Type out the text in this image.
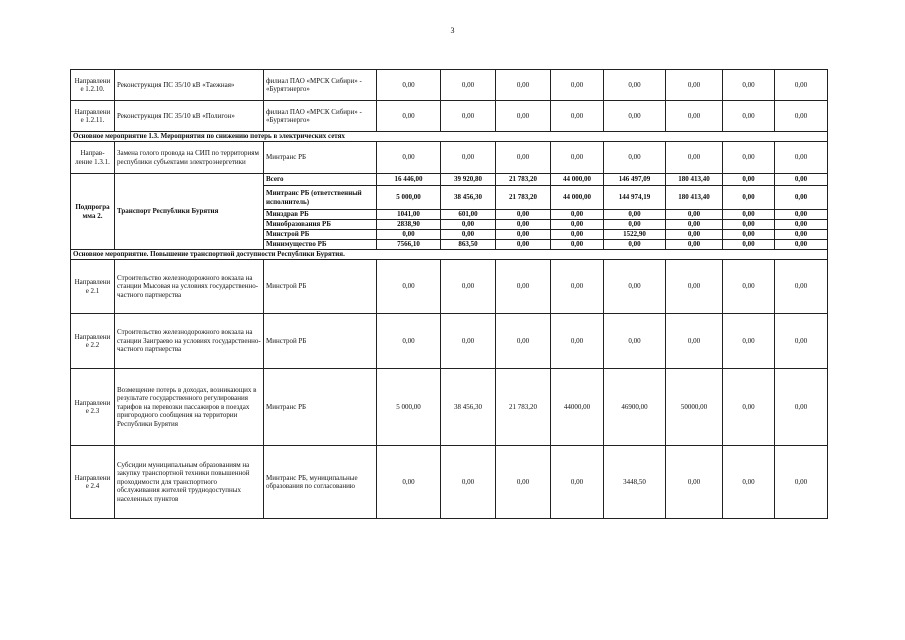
3
Направлени е 1.2.10.	Реконструкция ПС 35/10 кВ «Таежная»	филиал ПАО «МРСК Сибири» - «Бурятэнерго»	0,00	0,00	0,00	0,00	0,00	0,00	0,00	0,00
Направлени е 1.2.11.	Реконструкция ПС 35/10 кВ «Полигон»	филиал ПАО «МРСК Сибири» - «Бурятэнерго»	0,00	0,00	0,00	0,00	0,00	0,00	0,00	0,00
Основное мероприятие 1.3. Мероприятия по снижению потерь в электрических сетях										
Направ- ление 1.3.1.	Замена голого провода на СИП по территориям республики субъектами электроэнергетики	Минтранс РБ	0,00	0,00	0,00	0,00	0,00	0,00	0,00	0,00
Подпрогра мма 2.	Транспорт Республики Бурятия	Всего	16 446,00	39 920,80	21 783,20	44 000,00	146 497,09	180 413,40	0,00	0,00
		Минтранс РБ (ответственный исполнитель)	5 000,00	38 456,30	21 783,20	44 000,00	144 974,19	180 413,40	0,00	0,00
		Минздрав РБ	1041,00	601,00	0,00	0,00	0,00	0,00	0,00	0,00
		Минобразования РБ	2838,90	0,00	0,00	0,00	0,00	0,00	0,00	0,00
		Минстрой РБ	0,00	0,00	0,00	0,00	1522,90	0,00	0,00	0,00
		Минимущество РБ	7566,10	863,50	0,00	0,00	0,00	0,00	0,00	0,00
Основное мероприятие. Повышение транспортной доступности Республики Бурятия.										
Направлени е 2.1	Строительство железнодорожного вокзала на станции Мысовая на условиях государственно-частного партнерства	Минстрой РБ	0,00	0,00	0,00	0,00	0,00	0,00	0,00	0,00
Направлени е 2.2	Строительство железнодорожного вокзала на станции Заиграево на условиях государственно-частного партнерства	Минстрой РБ	0,00	0,00	0,00	0,00	0,00	0,00	0,00	0,00
Направлени е 2.3	Возмещение потерь в доходах, возникающих в результате государственного регулирования тарифов на перевозки пассажиров в поездах пригородного сообщения на территории Республики Бурятия	Минтранс РБ	5 000,00	38 456,30	21 783,20	44000,00	46900,00	50000,00	0,00	0,00
Направлени е 2.4	Субсидии муниципальным образованиям на закупку транспортной техники повышенной проходимости для транспортного обслуживания жителей труднодоступных населенных пунктов	Минтранс РБ, муниципальные образования по согласованию	0,00	0,00	0,00	0,00	3448,50	0,00	0,00	0,00
